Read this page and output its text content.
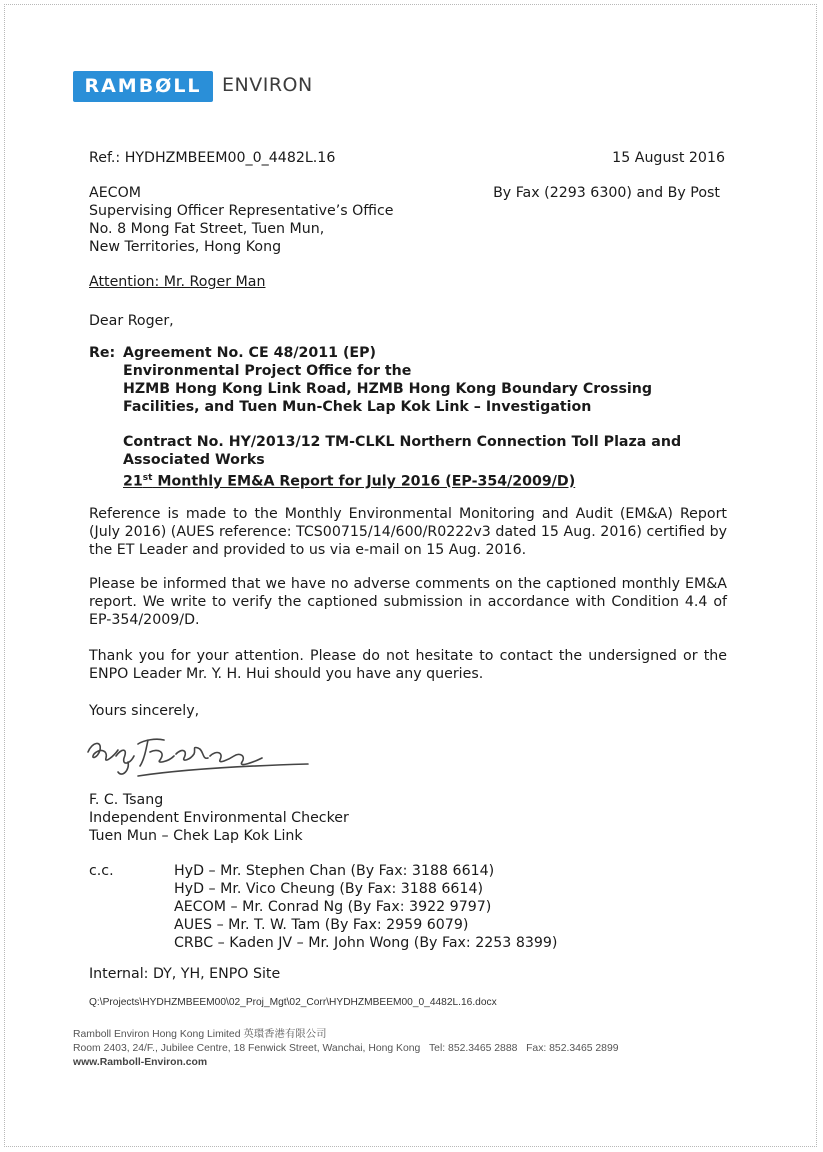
RAMBØLL	ENVIRON
Ref.: HYDHZMBEEM00_0_4482L.16	15 August 2016
By Fax (2293 6300) and By Post
AECOM
Supervising Officer Representative’s Office
No. 8 Mong Fat Street, Tuen Mun,
New Territories, Hong Kong
Attention: Mr. Roger Man
Dear Roger,
Re: Agreement No. CE 48/2011 (EP)
Environmental Project Office for the
HZMB Hong Kong Link Road, HZMB Hong Kong Boundary Crossing
Facilities, and Tuen Mun-Chek Lap Kok Link – Investigation
Contract No. HY/2013/12 TM-CLKL Northern Connection Toll Plaza and
Associated Works
21st Monthly EM&A Report for July 2016 (EP-354/2009/D)

Reference is made to the Monthly Environmental Monitoring and Audit (EM&A) Report (July 2016) (AUES reference: TCS00715/14/600/R0222v3 dated 15 Aug. 2016) certified by the ET Leader and provided to us via e-mail on 15 Aug. 2016.

Please be informed that we have no adverse comments on the captioned monthly EM&A report. We write to verify the captioned submission in accordance with Condition 4.4 of EP-354/2009/D.

Thank you for your attention. Please do not hesitate to contact the undersigned or the ENPO Leader Mr. Y. H. Hui should you have any queries.

Yours sincerely,
F. C. Tsang
Independent Environmental Checker
Tuen Mun – Chek Lap Kok Link
c.c.	HyD – Mr. Stephen Chan (By Fax: 3188 6614)
HyD – Mr. Vico Cheung (By Fax: 3188 6614)
AECOM – Mr. Conrad Ng (By Fax: 3922 9797)
AUES – Mr. T. W. Tam (By Fax: 2959 6079)
CRBC – Kaden JV – Mr. John Wong (By Fax: 2253 8399)
Internal: DY, YH, ENPO Site
Q:\Projects\HYDHZMBEEM00\02_Proj_Mgt\02_Corr\HYDHZMBEEM00_0_4482L.16.docx
Ramboll Environ Hong Kong Limited 英環香港有限公司
Room 2403, 24/F., Jubilee Centre, 18 Fenwick Street, Wanchai, Hong Kong Tel: 852.3465 2888 Fax: 852.3465 2899
www.Ramboll-Environ.com
